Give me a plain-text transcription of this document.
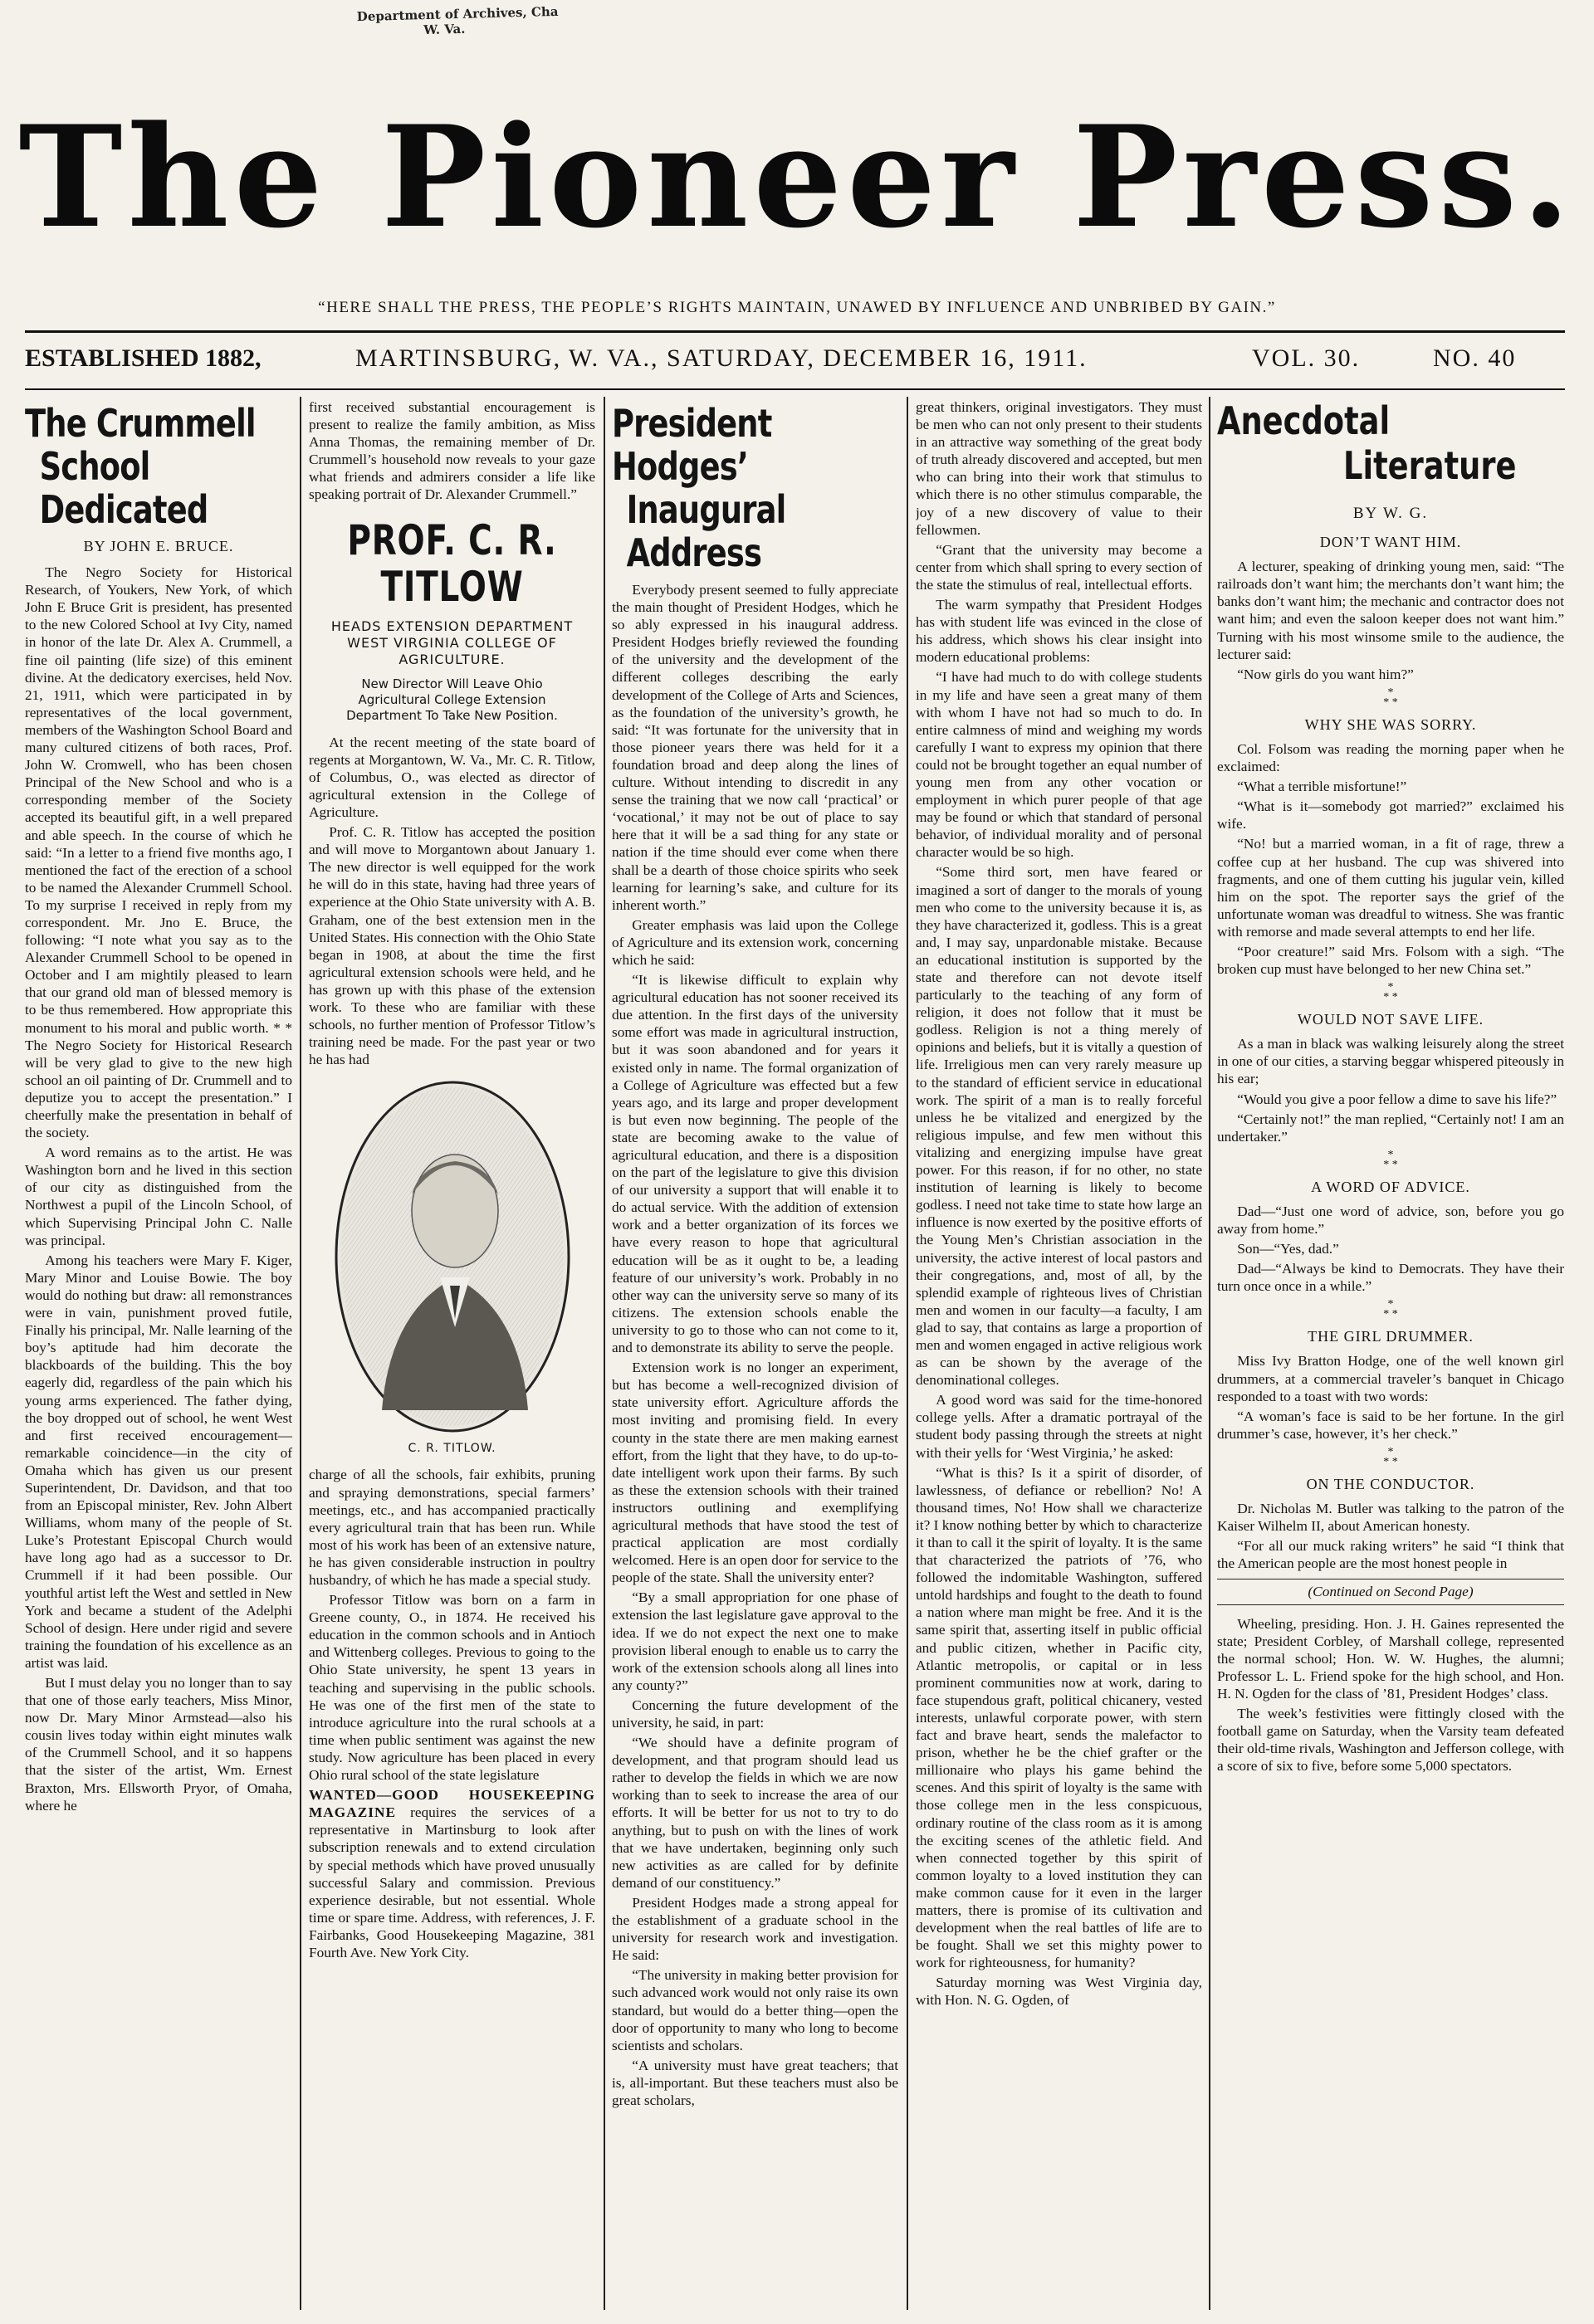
Department of Archives, Cha
W. Va.
The Pioneer Press.
“HERE SHALL THE PRESS, THE PEOPLE’S RIGHTS MAINTAIN, UNAWED BY INFLUENCE AND UNBRIBED BY GAIN.”
ESTABLISHED 1882,	MARTINSBURG, W. VA., SATURDAY, DECEMBER 16, 1911.	VOL. 30.	NO. 40
The Crummell
School Dedicated
BY JOHN E. BRUCE.

The Negro Society for Historical Research, of Youkers, New York, of which John E Bruce Grit is president, has presented to the new Colored School at Ivy City, named in honor of the late Dr. Alex A. Crummell, a fine oil painting (life size) of this eminent divine. At the dedicatory exercises, held Nov. 21, 1911, which were participated in by representatives of the local government, members of the Washington School Board and many cultured citizens of both races, Prof. John W. Cromwell, who has been chosen Principal of the New School and who is a corresponding member of the Society accepted its beautiful gift, in a well prepared and able speech. In the course of which he said: “In a letter to a friend five months ago, I mentioned the fact of the erection of a school to be named the Alexander Crummell School. To my surprise I received in reply from my correspondent. Mr. Jno E. Bruce, the following: “I note what you say as to the Alexander Crummell School to be opened in October and I am mightily pleased to learn that our grand old man of blessed memory is to be thus remembered. How appropriate this monument to his moral and public worth. * * The Negro Society for Historical Research will be very glad to give to the new high school an oil painting of Dr. Crummell and to deputize you to accept the presentation.” I cheerfully make the presentation in behalf of the society.

A word remains as to the artist. He was Washington born and he lived in this section of our city as distinguished from the Northwest a pupil of the Lincoln School, of which Supervising Principal John C. Nalle was principal.

Among his teachers were Mary F. Kiger, Mary Minor and Louise Bowie. The boy would do nothing but draw: all remonstrances were in vain, punishment proved futile, Finally his principal, Mr. Nalle learning of the boy’s aptitude had him decorate the blackboards of the building. This the boy eagerly did, regardless of the pain which his young arms experienced. The father dying, the boy dropped out of school, he went West and first received encouragement—remarkable coincidence—in the city of Omaha which has given us our present Superintendent, Dr. Davidson, and that too from an Episcopal minister, Rev. John Albert Williams, whom many of the people of St. Luke’s Protestant Episcopal Church would have long ago had as a successor to Dr. Crummell if it had been possible. Our youthful artist left the West and settled in New York and became a student of the Adelphi School of design. Here under rigid and severe training the foundation of his excellence as an artist was laid.

But I must delay you no longer than to say that one of those early teachers, Miss Minor, now Dr. Mary Minor Armstead—also his cousin lives today within eight minutes walk of the Crummell School, and it so happens that the sister of the artist, Wm. Ernest Braxton, Mrs. Ellsworth Pryor, of Omaha, where he

first received substantial encouragement is present to realize the family ambition, as Miss Anna Thomas, the remaining member of Dr. Crummell’s household now reveals to your gaze what friends and admirers consider a life like speaking portrait of Dr. Alexander Crummell.”

PROF. C. R. TITLOW
HEADS EXTENSION DEPARTMENT WEST VIRGINIA COLLEGE OF AGRICULTURE.
New Director Will Leave Ohio Agricultural College Extension Department To Take New Position.

At the recent meeting of the state board of regents at Morgantown, W. Va., Mr. C. R. Titlow, of Columbus, O., was elected as director of agricultural extension in the College of Agriculture.

Prof. C. R. Titlow has accepted the position and will move to Morgantown about January 1. The new director is well equipped for the work he will do in this state, having had three years of experience at the Ohio State university with A. B. Graham, one of the best extension men in the United States. His connection with the Ohio State began in 1908, at about the time the first agricultural extension schools were held, and he has grown up with this phase of the extension work. To these who are familiar with these schools, no further mention of Professor Titlow’s training need be made. For the past year or two he has had

C. R. TITLOW.

charge of all the schools, fair exhibits, pruning and spraying demonstrations, special farmers’ meetings, etc., and has accompanied practically every agricultural train that has been run. While most of his work has been of an extensive nature, he has given considerable instruction in poultry husbandry, of which he has made a special study.

Professor Titlow was born on a farm in Greene county, O., in 1874. He received his education in the common schools and in Antioch and Wittenberg colleges. Previous to going to the Ohio State university, he spent 13 years in teaching and supervising in the public schools. He was one of the first men of the state to introduce agriculture into the rural schools at a time when public sentiment was against the new study. Now agriculture has been placed in every Ohio rural school of the state legislature

WANTED—GOOD HOUSEKEEPING MAGAZINE requires the services of a representative in Martinsburg to look after subscription renewals and to extend circulation by special methods which have proved unusually successful Salary and commission. Previous experience desirable, but not essential. Whole time or spare time. Address, with references, J. F. Fairbanks, Good Housekeeping Magazine, 381 Fourth Ave. New York City.

President Hodges’
Inaugural Address

Everybody present seemed to fully appreciate the main thought of President Hodges, which he so ably expressed in his inaugural address. President Hodges briefly reviewed the founding of the university and the development of the different colleges describing the early development of the College of Arts and Sciences, as the foundation of the university’s growth, he said: “It was fortunate for the university that in those pioneer years there was held for it a foundation broad and deep along the lines of culture. Without intending to discredit in any sense the training that we now call ‘practical’ or ‘vocational,’ it may not be out of place to say here that it will be a sad thing for any state or nation if the time should ever come when there shall be a dearth of those choice spirits who seek learning for learning’s sake, and culture for its inherent worth.”

Greater emphasis was laid upon the College of Agriculture and its extension work, concerning which he said:

“It is likewise difficult to explain why agricultural education has not sooner received its due attention. In the first days of the university some effort was made in agricultural instruction, but it was soon abandoned and for years it existed only in name. The formal organization of a College of Agriculture was effected but a few years ago, and its large and proper development is but even now beginning. The people of the state are becoming awake to the value of agricultural education, and there is a disposition on the part of the legislature to give this division of our university a support that will enable it to do actual service. With the addition of extension work and a better organization of its forces we have every reason to hope that agricultural education will be as it ought to be, a leading feature of our university’s work. Probably in no other way can the university serve so many of its citizens. The extension schools enable the university to go to those who can not come to it, and to demonstrate its ability to serve the people.

Extension work is no longer an experiment, but has become a well-recognized division of state university effort. Agriculture affords the most inviting and promising field. In every county in the state there are men making earnest effort, from the light that they have, to do up-to-date intelligent work upon their farms. By such as these the extension schools with their trained instructors outlining and exemplifying agricultural methods that have stood the test of practical application are most cordially welcomed. Here is an open door for service to the people of the state. Shall the university enter?

“By a small appropriation for one phase of extension the last legislature gave approval to the idea. If we do not expect the next one to make provision liberal enough to enable us to carry the work of the extension schools along all lines into any county?”

Concerning the future development of the university, he said, in part:

“We should have a definite program of development, and that program should lead us rather to develop the fields in which we are now working than to seek to increase the area of our efforts. It will be better for us not to try to do anything, but to push on with the lines of work that we have undertaken, beginning only such new activities as are called for by definite demand of our constituency.”

President Hodges made a strong appeal for the establishment of a graduate school in the university for research work and investigation. He said:

“The university in making better provision for such advanced work would not only raise its own standard, but would do a better thing—open the door of opportunity to many who long to become scientists and scholars.

“A university must have great teachers; that is, all-important. But these teachers must also be great scholars,

great thinkers, original investigators. They must be men who can not only present to their students in an attractive way something of the great body of truth already discovered and accepted, but men who can bring into their work that stimulus to which there is no other stimulus comparable, the joy of a new discovery of value to their fellowmen.

“Grant that the university may become a center from which shall spring to every section of the state the stimulus of real, intellectual efforts.

The warm sympathy that President Hodges has with student life was evinced in the close of his address, which shows his clear insight into modern educational problems:

“I have had much to do with college students in my life and have seen a great many of them with whom I have not had so much to do. In entire calmness of mind and weighing my words carefully I want to express my opinion that there could not be brought together an equal number of young men from any other vocation or employment in which purer people of that age may be found or which that standard of personal behavior, of individual morality and of personal character would be so high.

“Some third sort, men have feared or imagined a sort of danger to the morals of young men who come to the university because it is, as they have characterized it, godless. This is a great and, I may say, unpardonable mistake. Because an educational institution is supported by the state and therefore can not devote itself particularly to the teaching of any form of religion, it does not follow that it must be godless. Religion is not a thing merely of opinions and beliefs, but it is vitally a question of life. Irreligious men can very rarely measure up to the standard of efficient service in educational work. The spirit of a man is to really forceful unless he be vitalized and energized by the religious impulse, and few men without this vitalizing and energizing impulse have great power. For this reason, if for no other, no state institution of learning is likely to become godless. I need not take time to state how large an influence is now exerted by the positive efforts of the Young Men’s Christian association in the university, the active interest of local pastors and their congregations, and, most of all, by the splendid example of righteous lives of Christian men and women in our faculty—a faculty, I am glad to say, that contains as large a proportion of men and women engaged in active religious work as can be shown by the average of the denominational colleges.

A good word was said for the time-honored college yells. After a dramatic portrayal of the student body passing through the streets at night with their yells for ‘West Virginia,’ he asked:

“What is this? Is it a spirit of disorder, of lawlessness, of defiance or rebellion? No! A thousand times, No! How shall we characterize it? I know nothing better by which to characterize it than to call it the spirit of loyalty. It is the same that characterized the patriots of ’76, who followed the indomitable Washington, suffered untold hardships and fought to the death to found a nation where man might be free. And it is the same spirit that, asserting itself in public official and public citizen, whether in Pacific city, Atlantic metropolis, or capital or in less prominent communities now at work, daring to face stupendous graft, political chicanery, vested interests, unlawful corporate power, with stern fact and brave heart, sends the malefactor to prison, whether he be the chief grafter or the millionaire who plays his game behind the scenes. And this spirit of loyalty is the same with those college men in the less conspicuous, ordinary routine of the class room as it is among the exciting scenes of the athletic field. And when connected together by this spirit of common loyalty to a loved institution they can make common cause for it even in the larger matters, there is promise of its cultivation and development when the real battles of life are to be fought. Shall we set this mighty power to work for righteousness, for humanity?

Saturday morning was West Virginia day, with Hon. N. G. Ogden, of

Anecdotal
Literature
BY W. G.
DON’T WANT HIM.

A lecturer, speaking of drinking young men, said: “The railroads don’t want him; the merchants don’t want him; the banks don’t want him; the mechanic and contractor does not want him; and even the saloon keeper does not want him.” Turning with his most winsome smile to the audience, the lecturer said:

“Now girls do you want him?”

*
* *
WHY SHE WAS SORRY.

Col. Folsom was reading the morning paper when he exclaimed:

“What a terrible misfortune!”

“What is it—somebody got married?” exclaimed his wife.

“No! but a married woman, in a fit of rage, threw a coffee cup at her husband. The cup was shivered into fragments, and one of them cutting his jugular vein, killed him on the spot. The reporter says the grief of the unfortunate woman was dreadful to witness. She was frantic with remorse and made several attempts to end her life.

“Poor creature!” said Mrs. Folsom with a sigh. “The broken cup must have belonged to her new China set.”

*
* *
WOULD NOT SAVE LIFE.

As a man in black was walking leisurely along the street in one of our cities, a starving beggar whispered piteously in his ear;

“Would you give a poor fellow a dime to save his life?”

“Certainly not!” the man replied, “Certainly not! I am an undertaker.”

*
* *
A WORD OF ADVICE.

Dad—“Just one word of advice, son, before you go away from home.”

Son—“Yes, dad.”

Dad—“Always be kind to Democrats. They have their turn once once in a while.”

*
* *
THE GIRL DRUMMER.

Miss Ivy Bratton Hodge, one of the well known girl drummers, at a commercial traveler’s banquet in Chicago responded to a toast with two words:

“A woman’s face is said to be her fortune. In the girl drummer’s case, however, it’s her check.”

*
* *
ON THE CONDUCTOR.

Dr. Nicholas M. Butler was talking to the patron of the Kaiser Wilhelm II, about American honesty.

“For all our muck raking writers” he said “I think that the American people are the most honest people in

(Continued on Second Page)

Wheeling, presiding. Hon. J. H. Gaines represented the state; President Corbley, of Marshall college, represented the normal school; Hon. W. W. Hughes, the alumni; Professor L. L. Friend spoke for the high school, and Hon. H. N. Ogden for the class of ’81, President Hodges’ class.

The week’s festivities were fittingly closed with the football game on Saturday, when the Varsity team defeated their old-time rivals, Washington and Jefferson college, with a score of six to five, before some 5,000 spectators.
